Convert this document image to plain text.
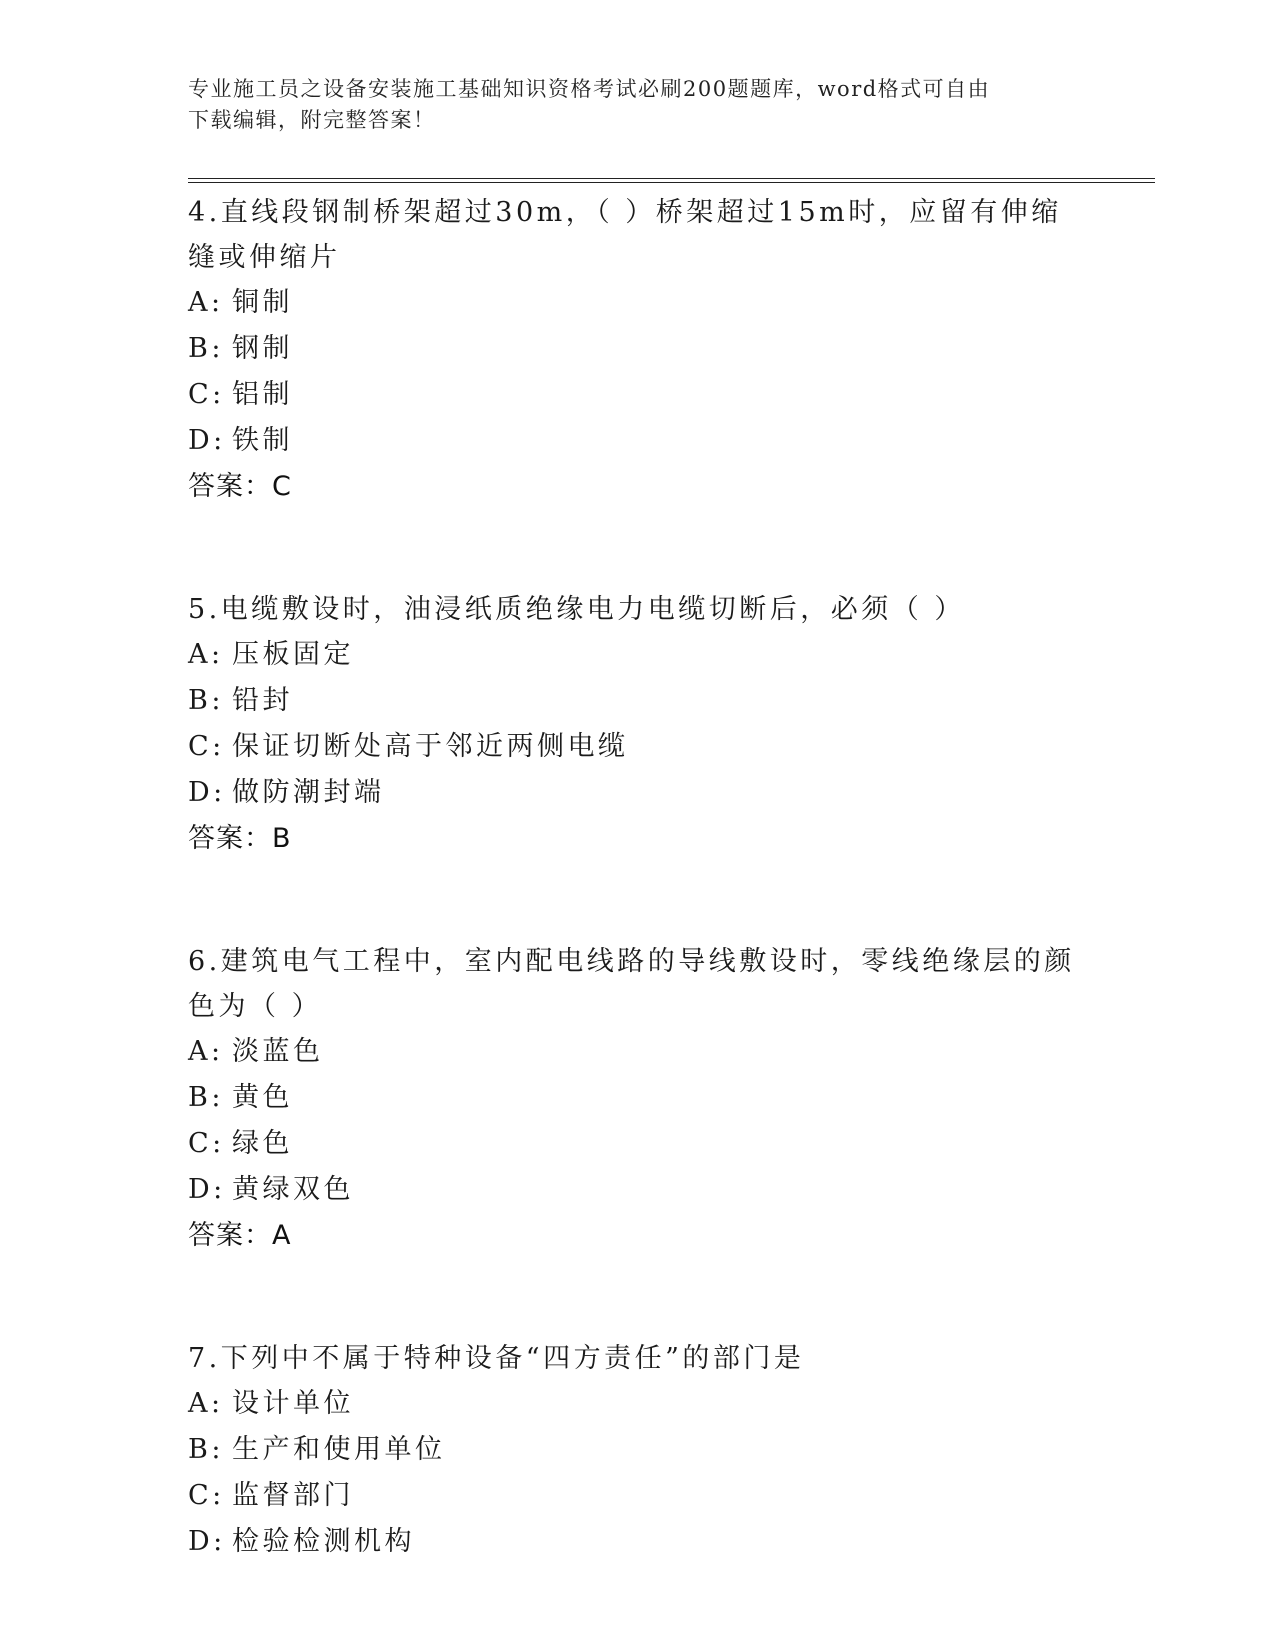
专业施工员之设备安装施工基础知识资格考试必刷200题题库，word格式可自由
下载编辑，附完整答案！

4.直线段钢制桥架超过30m，（ ）桥架超过15m时，应留有伸缩缝或伸缩片

A: 铜制

B: 钢制

C: 铝制

D: 铁制

答案：C

5.电缆敷设时，油浸纸质绝缘电力电缆切断后，必须（ ）

A: 压板固定

B: 铅封

C: 保证切断处高于邻近两侧电缆

D: 做防潮封端

答案：B

6.建筑电气工程中，室内配电线路的导线敷设时，零线绝缘层的颜色为（ ）

A: 淡蓝色

B: 黄色

C: 绿色

D: 黄绿双色

答案：A

7.下列中不属于特种设备“四方责任”的部门是

A: 设计单位

B: 生产和使用单位

C: 监督部门

D: 检验检测机构
